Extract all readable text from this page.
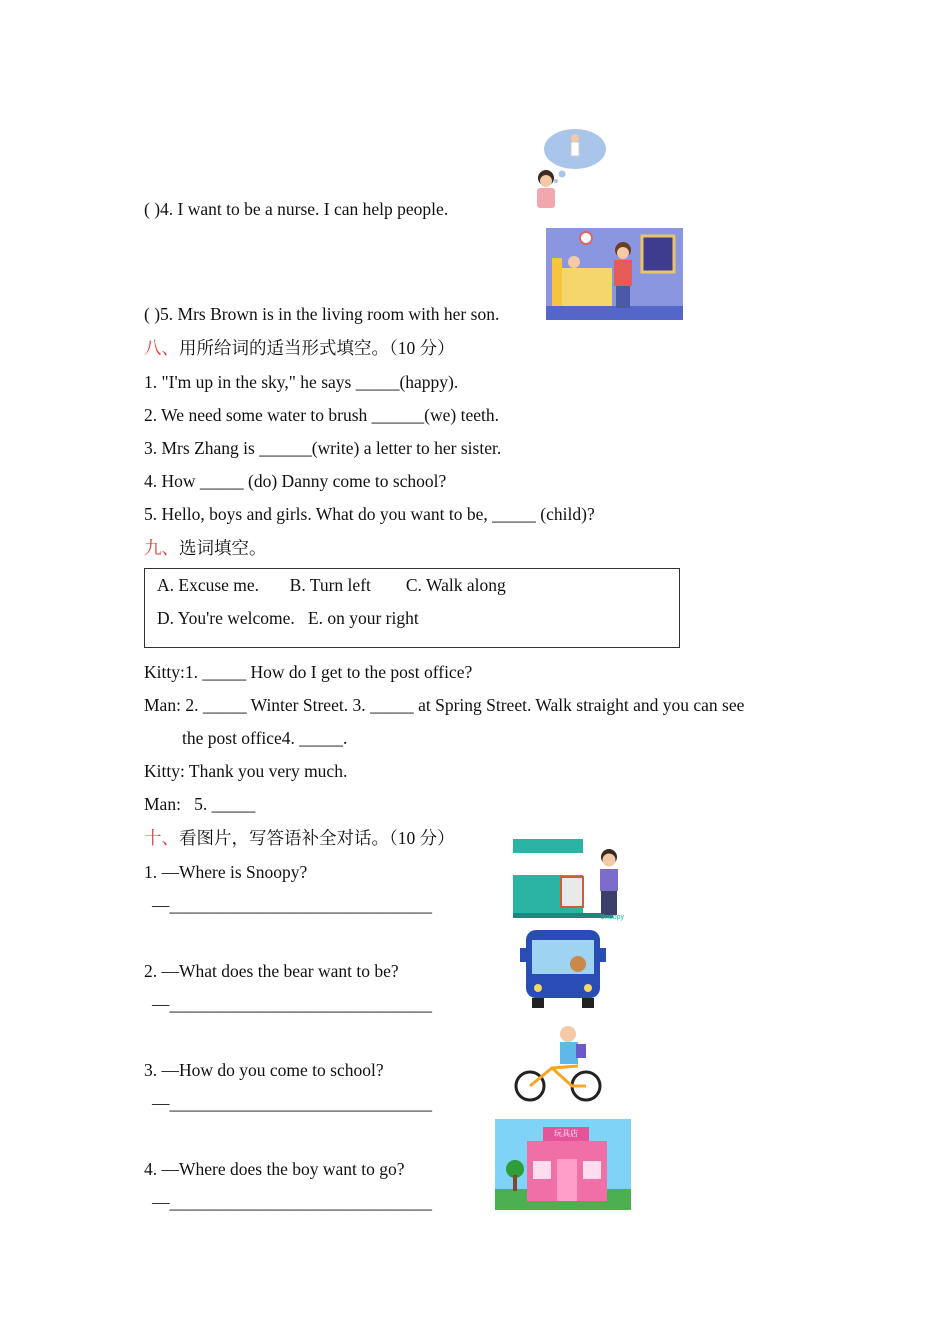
( )4. I want to be a nurse. I can help people.
( )5. Mrs Brown is in the living room with her son.
八、用所给词的适当形式填空。（10 分）
1. "I'm up in the sky," he says _____(happy).
2. We need some water to brush ______(we) teeth.
3. Mrs Zhang is ______(write) a letter to her sister.
4. How _____ (do) Danny come to school?
5. Hello, boys and girls. What do you want to be, _____ (child)?
九、选词填空。
A. Excuse me.       B. Turn left        C. Walk along
D. You're welcome.   E. on your right
Kitty:1. _____ How do I get to the post office?
Man: 2. _____ Winter Street. 3. _____ at Spring Street. Walk straight and you can see
the post office4. _____.
Kitty: Thank you very much.
Man:   5. _____
十、看图片，写答语补全对话。（10 分）
1. —Where is Snoopy?
—______________________________
2. —What does the bear want to be?
—______________________________
3. —How do you come to school?
—______________________________
4. —Where does the boy want to go?
—______________________________
Snoopy
玩具店
